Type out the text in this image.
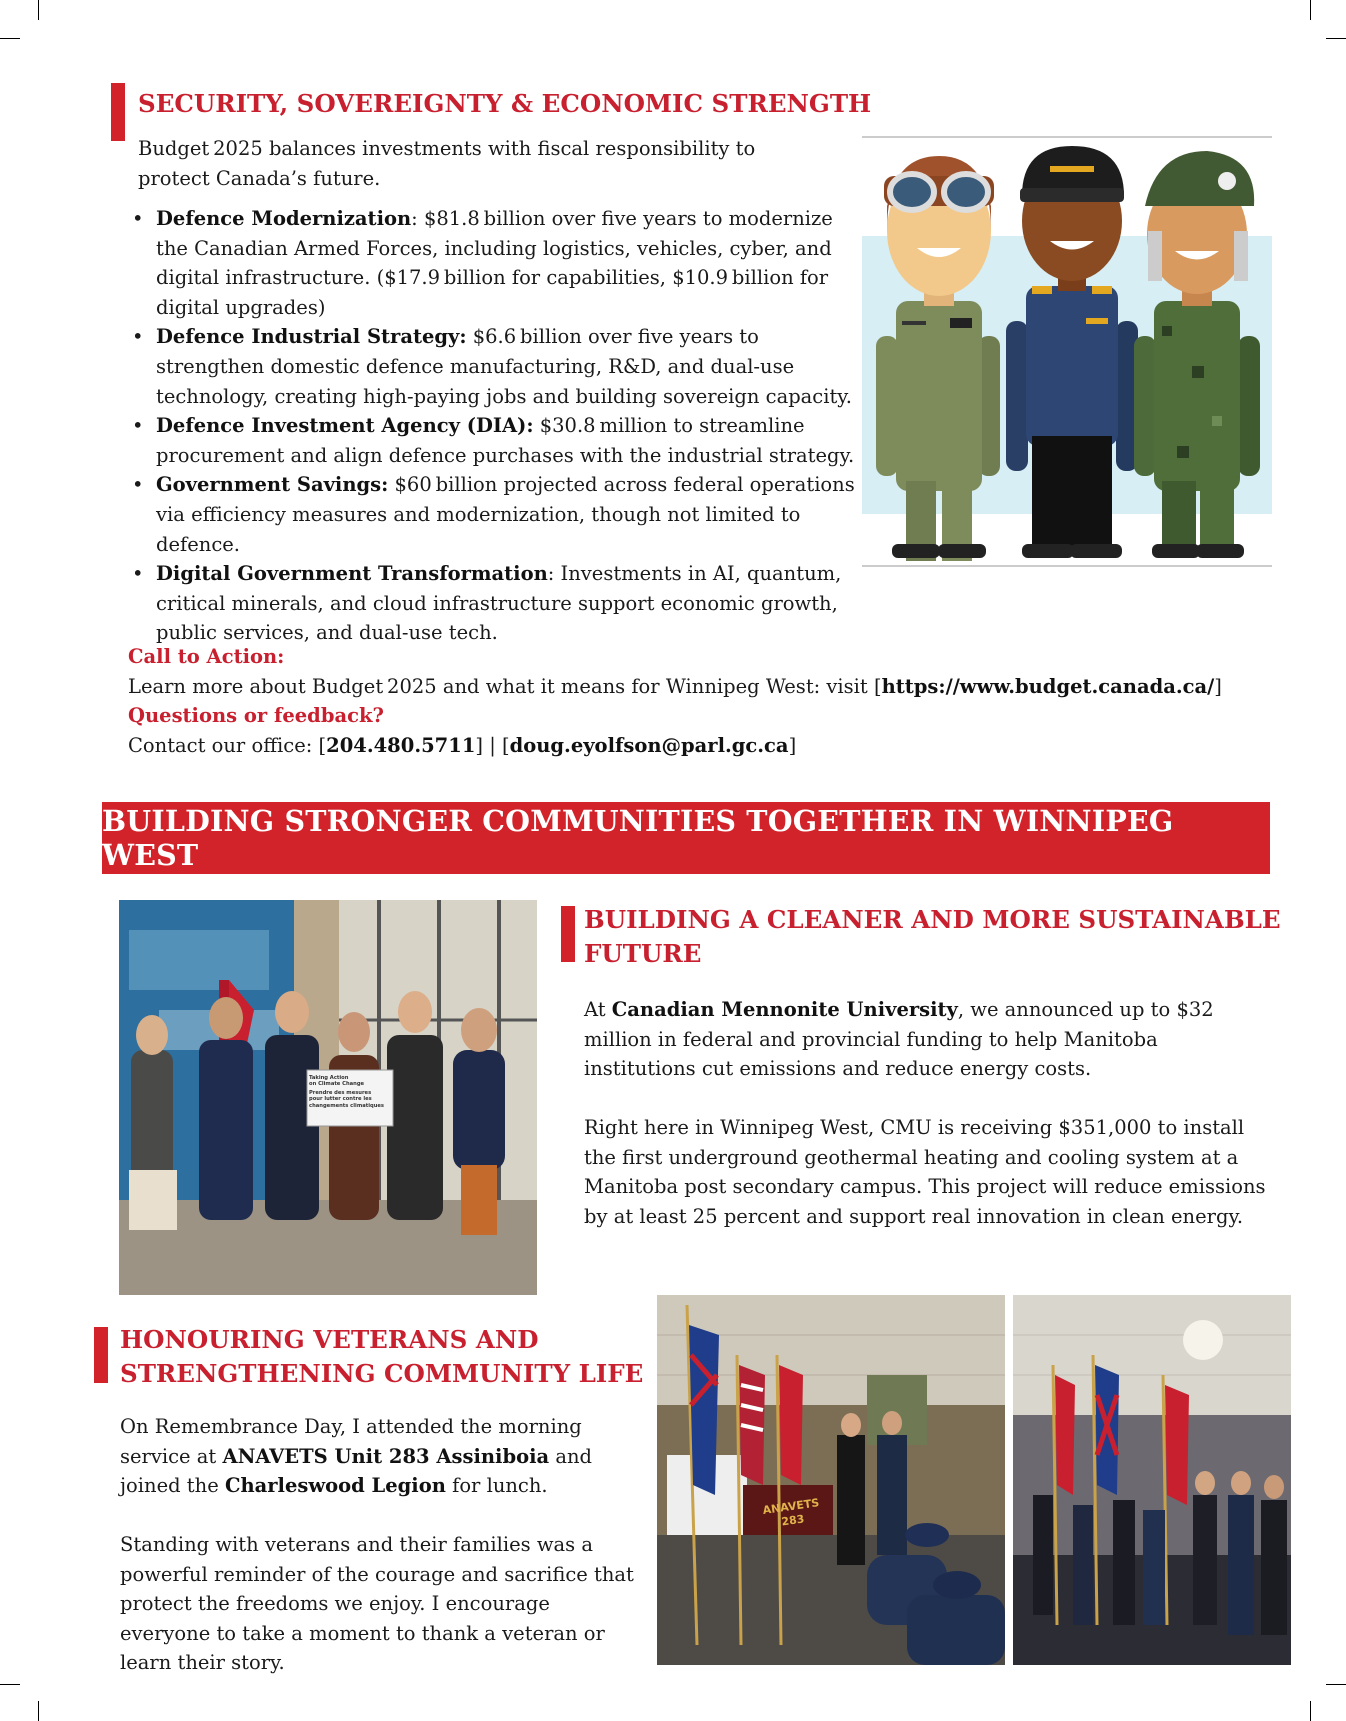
SECURITY, SOVEREIGNTY & ECONOMIC STRENGTH
Budget 2025 balances investments with fiscal responsibility to protect Canada’s future.
• Defence Modernization: $81.8 billion over five years to modernize the Canadian Armed Forces, including logistics, vehicles, cyber, and digital infrastructure. ($17.9 billion for capabilities, $10.9 billion for digital upgrades)
• Defence Industrial Strategy: $6.6 billion over five years to strengthen domestic defence manufacturing, R&D, and dual-use technology, creating high-paying jobs and building sovereign capacity.
• Defence Investment Agency (DIA): $30.8 million to streamline procurement and align defence purchases with the industrial strategy.
• Government Savings: $60 billion projected across federal operations via efficiency measures and modernization, though not limited to defence.
• Digital Government Transformation: Investments in AI, quantum, critical minerals, and cloud infrastructure support economic growth, public services, and dual-use tech.

Call to Action:

Learn more about Budget 2025 and what it means for Winnipeg West: visit [https://www.budget.canada.ca/]

Questions or feedback?

Contact our office: [204.480.5711] | [doug.eyolfson@parl.gc.ca]

BUILDING STRONGER COMMUNITIES TOGETHER IN WINNIPEG WEST
Taking Action
on Climate Change
Prendre des mesures
pour lutter contre les
changements climatiques
BUILDING A CLEANER AND MORE SUSTAINABLE
FUTURE

At Canadian Mennonite University, we announced up to $32 million in federal and provincial funding to help Manitoba institutions cut emissions and reduce energy costs.

Right here in Winnipeg West, CMU is receiving $351,000 to install the first underground geothermal heating and cooling system at a Manitoba post secondary campus. This project will reduce emissions by at least 25 percent and support real innovation in clean energy.

HONOURING VETERANS AND
STRENGTHENING COMMUNITY LIFE

On Remembrance Day, I attended the morning service at ANAVETS Unit 283 Assiniboia and joined the Charleswood Legion for lunch.

Standing with veterans and their families was a powerful reminder of the courage and sacrifice that protect the freedoms we enjoy. I encourage everyone to take a moment to thank a veteran or learn their story.

ANAVETS
283
